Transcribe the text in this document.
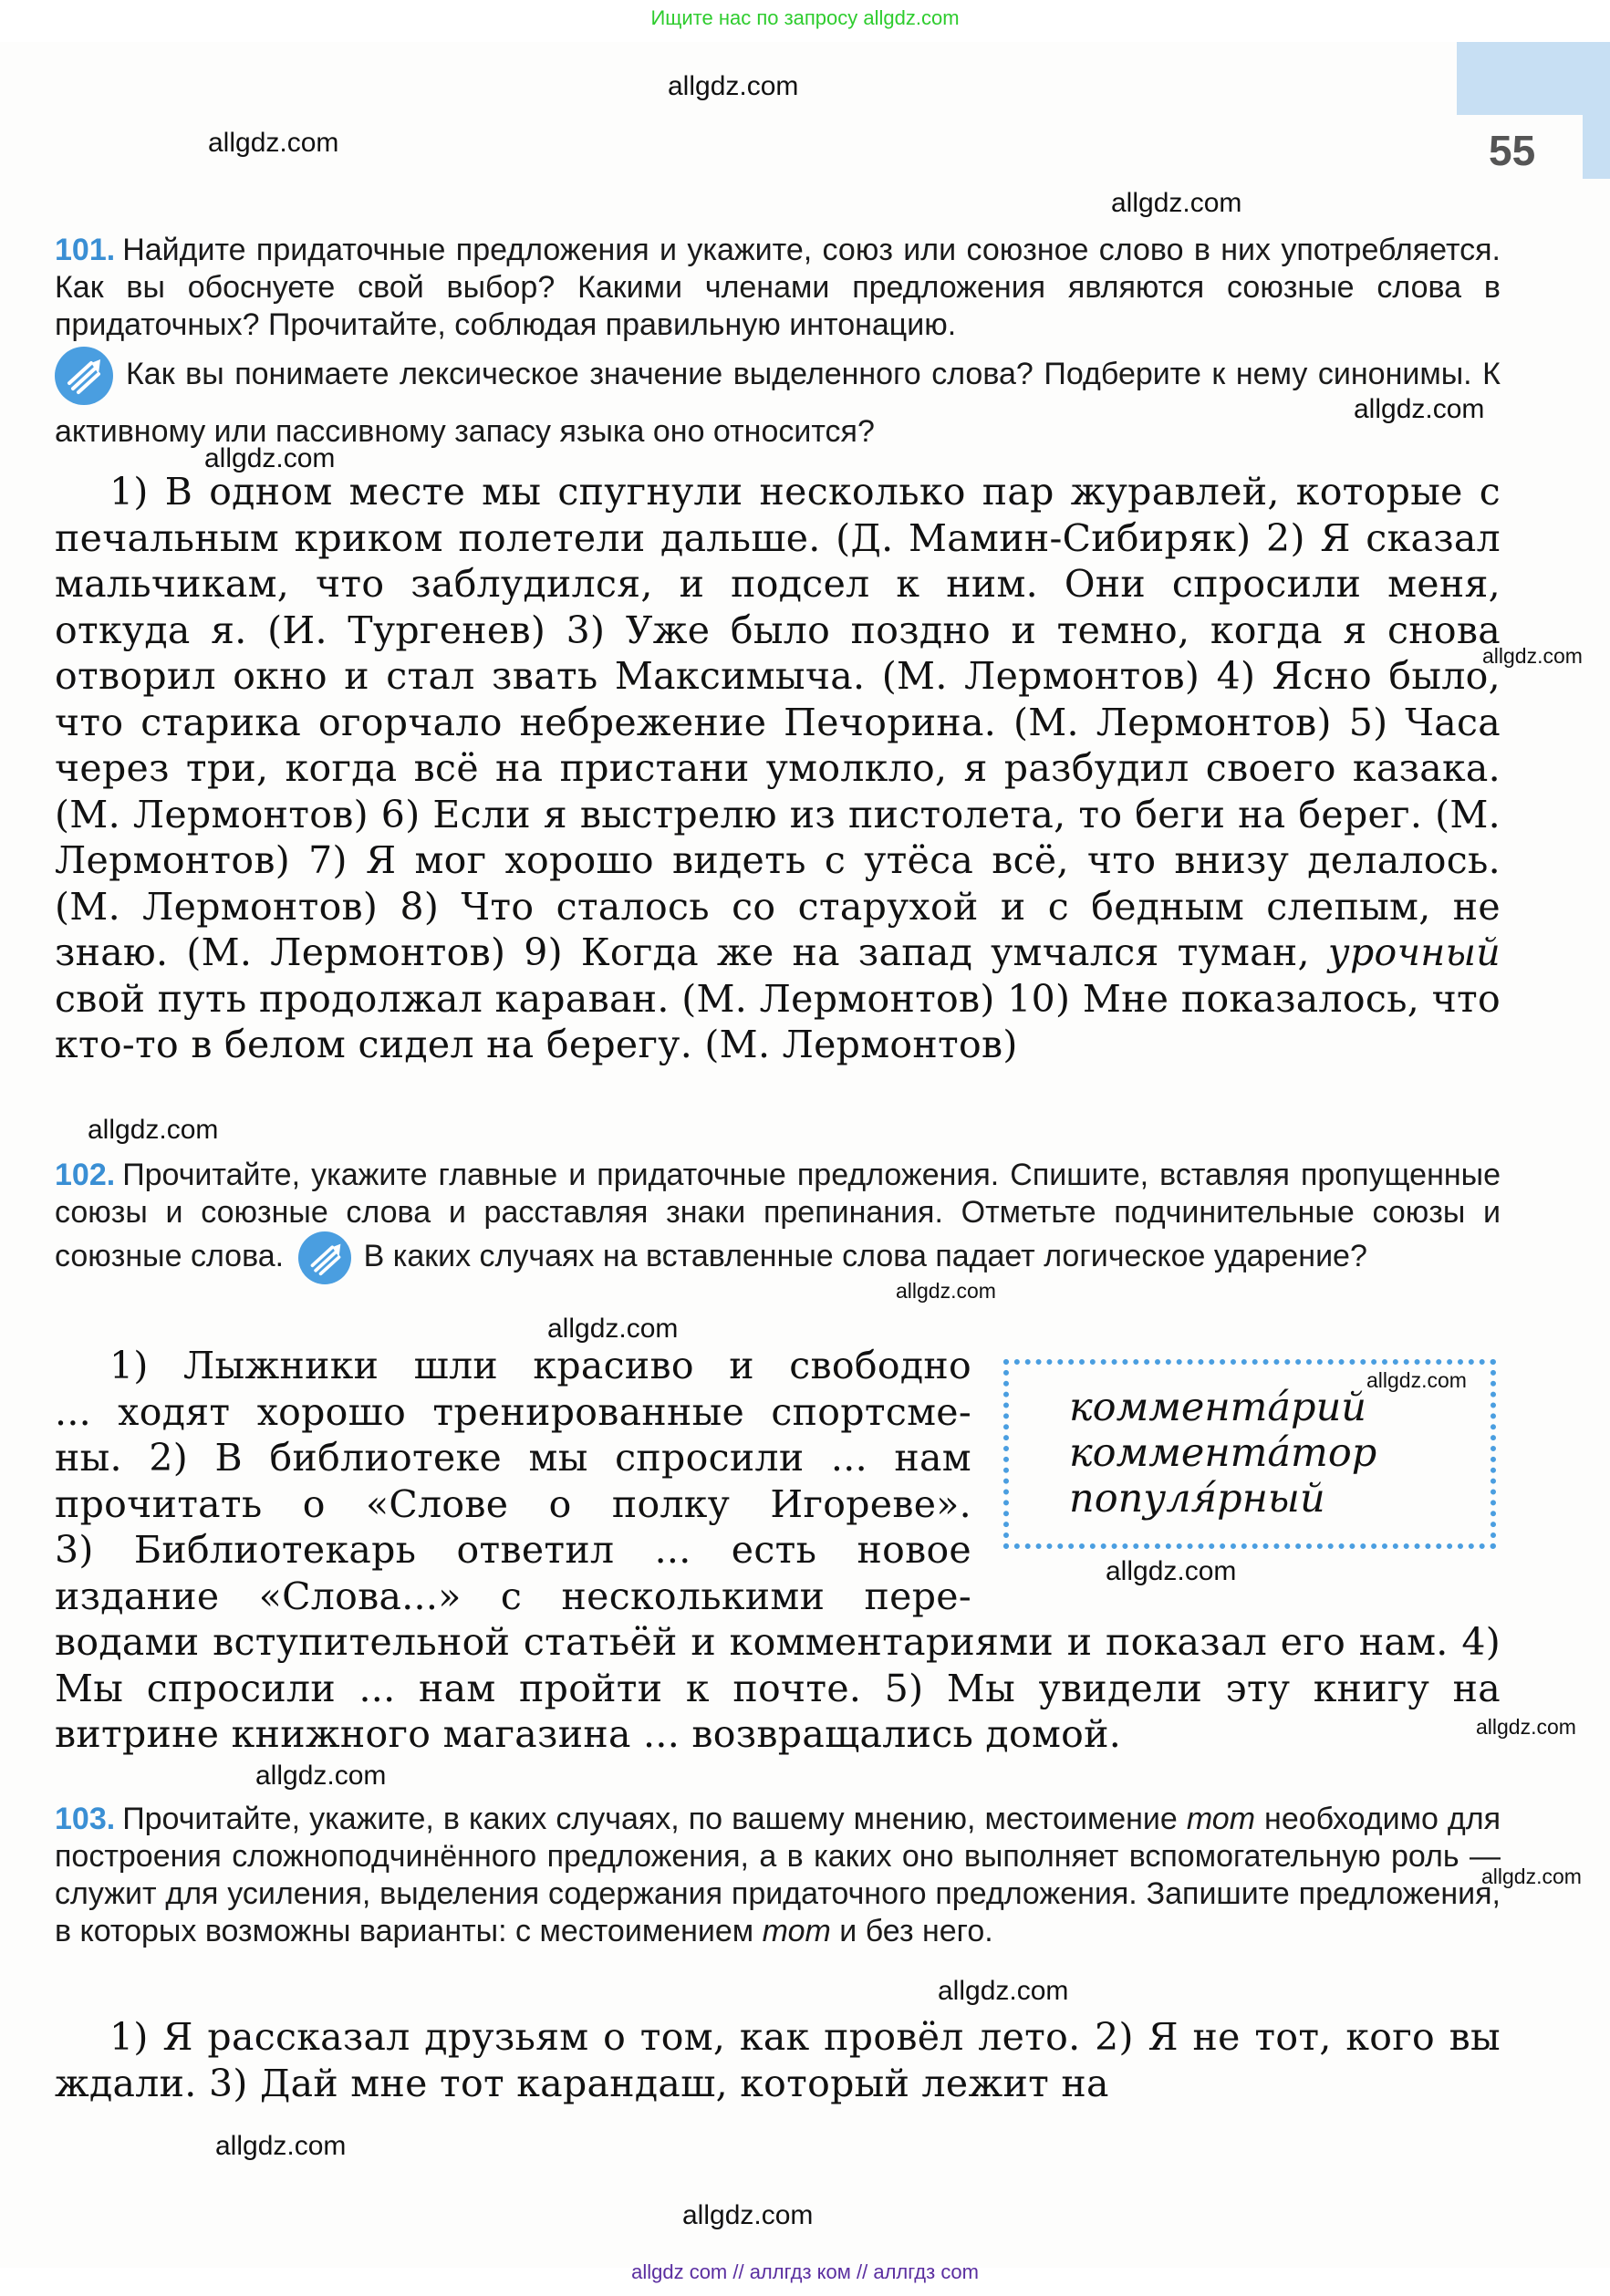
Ищите нас по запросу allgdz.com
55
allgdz.com
allgdz.com
allgdz.com
101. Найдите придаточные предложения и укажите, союз или союзное слово в них употребляется. Как вы обоснуете свой выбор? Какими членами предложения являются союзные слова в придаточных? Прочитайте, соблюдая правильную интонацию.
Как вы понимаете лексическое значение выделенного слова? Подберите к нему синонимы. К активному или пассивному запасу языка оно относится?
allgdz.com
allgdz.com
1) В одном месте мы спугнули несколько пар журавлей, которые с печальным криком полетели дальше. (Д. Мамин-Сибиряк) 2) Я сказал мальчикам, что заблудился, и подсел к ним. Они спросили меня, откуда я. (И. Тургенев) 3) Уже было поздно и темно, когда я снова отворил окно и стал звать Максимыча. (М. Лермонтов) 4) Ясно было, что старика огорчало небрежение Печорина. (М. Лермонтов) 5) Часа через три, когда всё на пристани умолкло, я разбудил своего казака. (М. Лермонтов) 6) Если я выстрелю из пистолета, то беги на берег. (М. Лермонтов) 7) Я мог хорошо видеть с утёса всё, что внизу делалось. (М. Лермонтов) 8) Что сталось со старухой и с бедным слепым, не знаю. (М. Лермонтов) 9) Когда же на запад умчался туман, урочный свой путь продолжал караван. (М. Лермонтов) 10) Мне показалось, что кто-то в белом сидел на берегу. (М. Лермонтов)
allgdz.com
allgdz.com
102. Прочитайте, укажите главные и придаточные предложения. Спишите, вставляя пропущенные союзы и союзные слова и расставляя знаки препинания. Отметьте подчинительные союзы и союзные слова.	В каких случаях на вставленные слова падает логическое ударение?
allgdz.com
allgdz.com
1) Лыжники шли красиво и свободно
... ходят хорошо тренированные спортсме-
ны. 2) В библиотеке мы спросили ... нам
прочитать о «Слове о полку Игореве».
3) Библиотекарь ответил ... есть новое
издание «Слова...» с несколькими пере-
водами вступительной статьёй и комментариями и показал его нам. 4) Мы спросили ... нам пройти к почте. 5) Мы увидели эту книгу на витрине книжного магазина ... возвращались домой.
коммента́рий
коммента́тор
популя́рный
allgdz.com
allgdz.com
allgdz.com
allgdz.com
103. Прочитайте, укажите, в каких случаях, по вашему мнению, местоимение тот необходимо для построения сложноподчинённого предложения, а в каких оно выполняет вспомогательную роль — служит для усиления, выделения содержания придаточного предложения. Запишите предложения, в которых возможны варианты: с местоимением тот и без него.
allgdz.com
allgdz.com
1) Я рассказал друзьям о том, как провёл лето. 2) Я не тот, кого вы ждали. 3) Дай мне тот карандаш, который лежит на
allgdz.com
allgdz.com
allgdz com // аллгдз ком // аллгдз com
